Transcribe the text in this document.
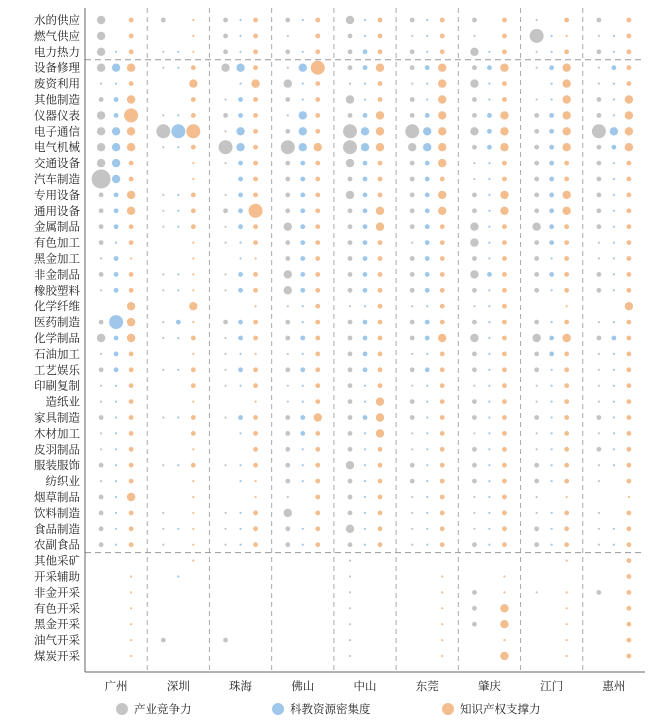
水的供应
燃气供应
电力热力
设备修理
废资利用
其他制造
仪器仪表
电子通信
电气机械
交通设备
汽车制造
专用设备
通用设备
金属制品
有色加工
黑金加工
非金制品
橡胶塑料
化学纤维
医药制造
化学制品
石油加工
工艺娱乐
印刷复制
造纸业
家具制造
木材加工
皮羽制品
服装服饰
纺织业
烟草制品
饮料制造
食品制造
农副食品
其他采矿
开采辅助
非金开采
有色开采
黑金开采
油气开采
煤炭开采
广州	深圳	珠海	佛山	中山	东莞	肇庆	江门	惠州
产业竞争力	科教资源密集度	知识产权支撑力
